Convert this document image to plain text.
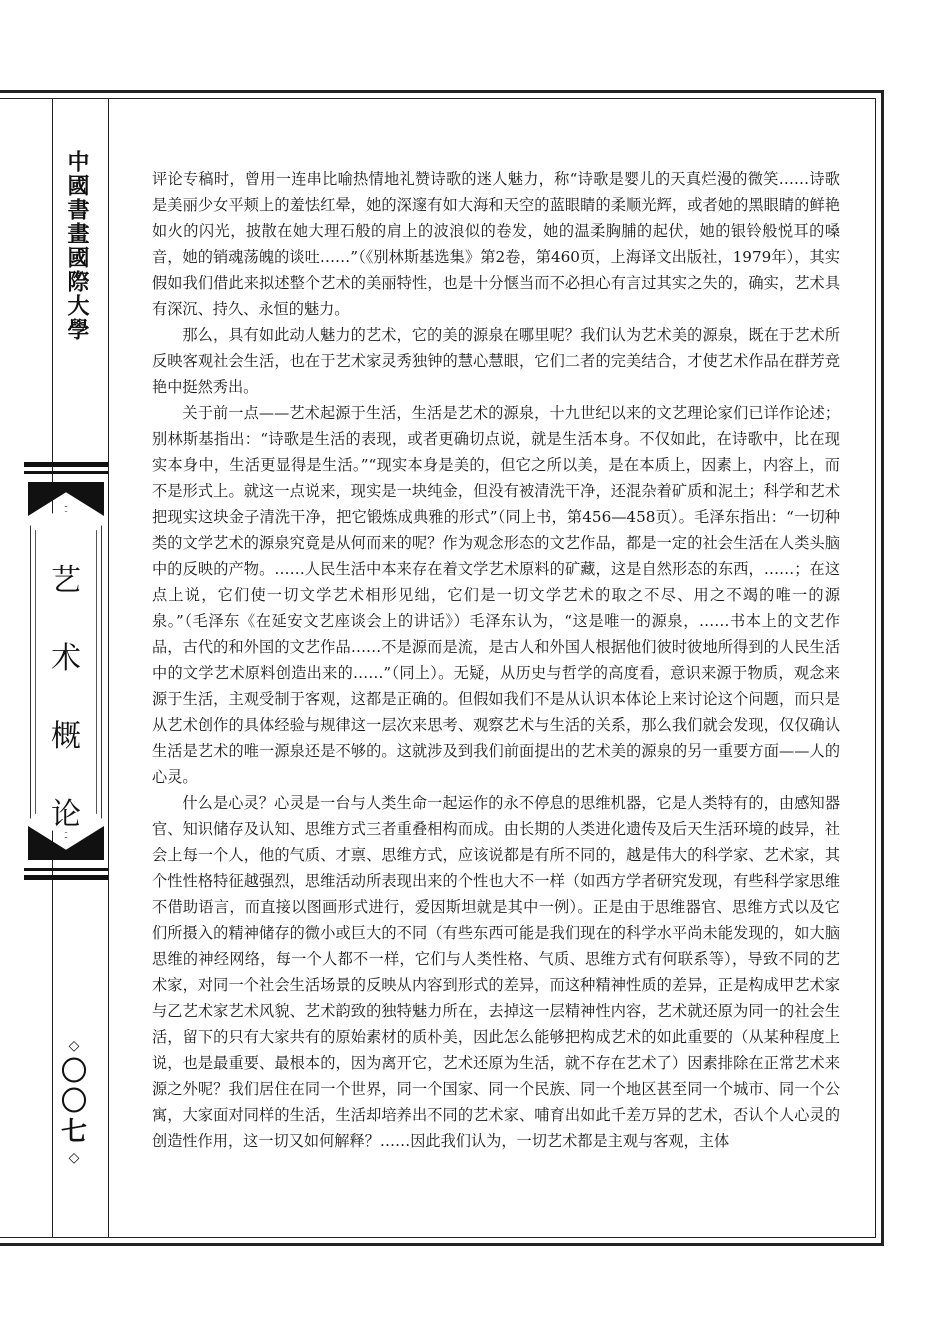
中國書畫國際大學
艺
术
概
论
◇
〇
〇
七
◇

评论专稿时，曾用一连串比喻热情地礼赞诗歌的迷人魅力，称“诗歌是婴儿的天真烂漫的微笑……诗歌是美丽少女平颊上的羞怯红晕，她的深邃有如大海和天空的蓝眼睛的柔顺光辉，或者她的黑眼睛的鲜艳如火的闪光，披散在她大理石般的肩上的波浪似的卷发，她的温柔胸脯的起伏，她的银铃般悦耳的嗓音，她的销魂荡魄的谈吐……”（《别林斯基选集》第2卷，第460页，上海译文出版社，1979年），其实假如我们借此来拟述整个艺术的美丽特性，也是十分惬当而不必担心有言过其实之失的，确实，艺术具有深沉、持久、永恒的魅力。

那么，具有如此动人魅力的艺术，它的美的源泉在哪里呢？我们认为艺术美的源泉，既在于艺术所反映客观社会生活，也在于艺术家灵秀独钟的慧心慧眼，它们二者的完美结合，才使艺术作品在群芳竞艳中挺然秀出。

关于前一点——艺术起源于生活，生活是艺术的源泉，十九世纪以来的文艺理论家们已详作论述；别林斯基指出：“诗歌是生活的表现，或者更确切点说，就是生活本身。不仅如此，在诗歌中，比在现实本身中，生活更显得是生活。”“现实本身是美的，但它之所以美，是在本质上，因素上，内容上，而不是形式上。就这一点说来，现实是一块纯金，但没有被清洗干净，还混杂着矿质和泥土；科学和艺术把现实这块金子清洗干净，把它锻炼成典雅的形式”（同上书，第456—458页）。毛泽东指出：“一切种类的文学艺术的源泉究竟是从何而来的呢？作为观念形态的文艺作品，都是一定的社会生活在人类头脑中的反映的产物。……人民生活中本来存在着文学艺术原料的矿藏，这是自然形态的东西，……；在这点上说，它们使一切文学艺术相形见绌，它们是一切文学艺术的取之不尽、用之不竭的唯一的源泉。”（毛泽东《在延安文艺座谈会上的讲话》）毛泽东认为，“这是唯一的源泉，……书本上的文艺作品，古代的和外国的文艺作品……不是源而是流，是古人和外国人根据他们彼时彼地所得到的人民生活中的文学艺术原料创造出来的……”（同上）。无疑，从历史与哲学的高度看，意识来源于物质，观念来源于生活，主观受制于客观，这都是正确的。但假如我们不是从认识本体论上来讨论这个问题，而只是从艺术创作的具体经验与规律这一层次来思考、观察艺术与生活的关系，那么我们就会发现，仅仅确认生活是艺术的唯一源泉还是不够的。这就涉及到我们前面提出的艺术美的源泉的另一重要方面——人的心灵。

什么是心灵？心灵是一台与人类生命一起运作的永不停息的思维机器，它是人类特有的，由感知器官、知识储存及认知、思维方式三者重叠相构而成。由长期的人类进化遗传及后天生活环境的歧异，社会上每一个人，他的气质、才禀、思维方式，应该说都是有所不同的，越是伟大的科学家、艺术家，其个性性格特征越强烈，思维活动所表现出来的个性也大不一样（如西方学者研究发现，有些科学家思维不借助语言，而直接以图画形式进行，爱因斯坦就是其中一例）。正是由于思维器官、思维方式以及它们所摄入的精神储存的微小或巨大的不同（有些东西可能是我们现在的科学水平尚未能发现的，如大脑思维的神经网络，每一个人都不一样，它们与人类性格、气质、思维方式有何联系等），导致不同的艺术家，对同一个社会生活场景的反映从内容到形式的差异，而这种精神性质的差异，正是构成甲艺术家与乙艺术家艺术风貌、艺术韵致的独特魅力所在，去掉这一层精神性内容，艺术就还原为同一的社会生活，留下的只有大家共有的原始素材的质朴美，因此怎么能够把构成艺术的如此重要的（从某种程度上说，也是最重要、最根本的，因为离开它，艺术还原为生活，就不存在艺术了）因素排除在正常艺术来源之外呢？我们居住在同一个世界，同一个国家、同一个民族、同一个地区甚至同一个城市、同一个公寓，大家面对同样的生活，生活却培养出不同的艺术家、哺育出如此千差万异的艺术，否认个人心灵的创造性作用，这一切又如何解释？……因此我们认为，一切艺术都是主观与客观，主体
